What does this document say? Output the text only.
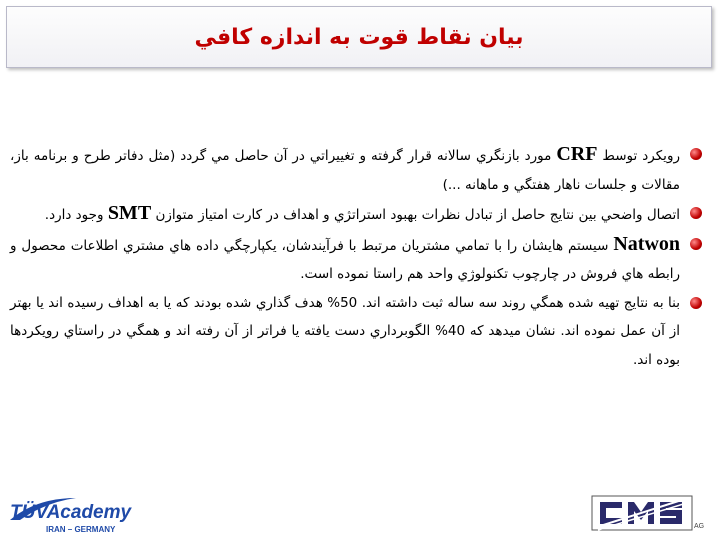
بيان نقاط قوت به اندازه كافي
رويكرد توسط CRF مورد بازنگري سالانه قرار گرفته و تغييراتي در آن حاصل مي گردد (مثل دفاتر طرح و برنامه باز، مقالات و جلسات ناهار هفتگي و ماهانه ...)
اتصال واضحي بين نتايج حاصل از تبادل نظرات بهبود استراتژي و اهداف در كارت امتياز متوازن SMT وجود دارد.
Natwon سيستم هايشان را با تمامي مشتريان مرتبط با فرآيندشان، يكپارچگي داده هاي مشتري اطلاعات محصول و رابطه هاي فروش در چارچوب تكنولوژي واحد هم راستا نموده است.
بنا به نتايج تهيه شده همگي روند سه ساله ثبت داشته اند. 50% هدف گذاري شده بودند كه يا به اهداف رسيده اند يا بهتر از آن عمل نموده اند. نشان ميدهد كه 40% الگوبرداري دست يافته يا فراتر از آن رفته اند و همگي در راستاي رويكردها بوده اند.
TÜVAcademy
IRAN – GERMANY	AG
